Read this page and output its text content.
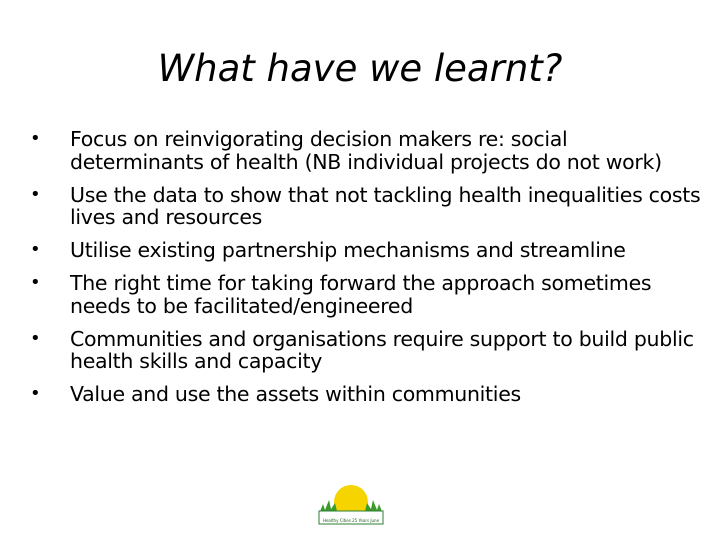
What have we learnt?
•	Focus on reinvigorating decision makers re: social determinants of health (NB individual projects do not work)
•	Use the data to show that not tackling health inequalities costs lives and resources
•	Utilise existing partnership mechanisms and streamline
•	The right time for taking forward the approach sometimes needs to be facilitated/engineered
•	Communities and organisations require support to build public health skills and capacity
•	Value and use the assets within communities
Healthy Cities 25 Years June
